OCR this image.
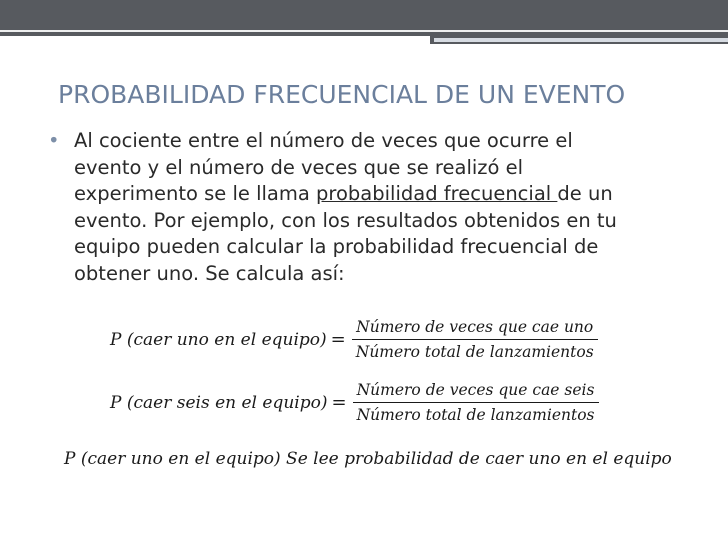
PROBABILIDAD FRECUENCIAL DE UN EVENTO
• Al cociente entre el número de veces que ocurre el
evento y el número de veces que se realizó el
experimento se le llama probabilidad frecuencial de un
evento. Por ejemplo, con los resultados obtenidos en tu
equipo pueden calcular la probabilidad frecuencial de
obtener uno. Se calcula así:
P (caer uno en el equipo) = $\frac{\text{Número de veces que cae uno}}{\text{Número total de lanzamientos}}$
P (caer seis en el equipo) = $\frac{\text{Número de veces que cae seis}}{\text{Número total de lanzamientos}}$
P (caer uno en el equipo) Se lee probabilidad de caer uno en el equipo
